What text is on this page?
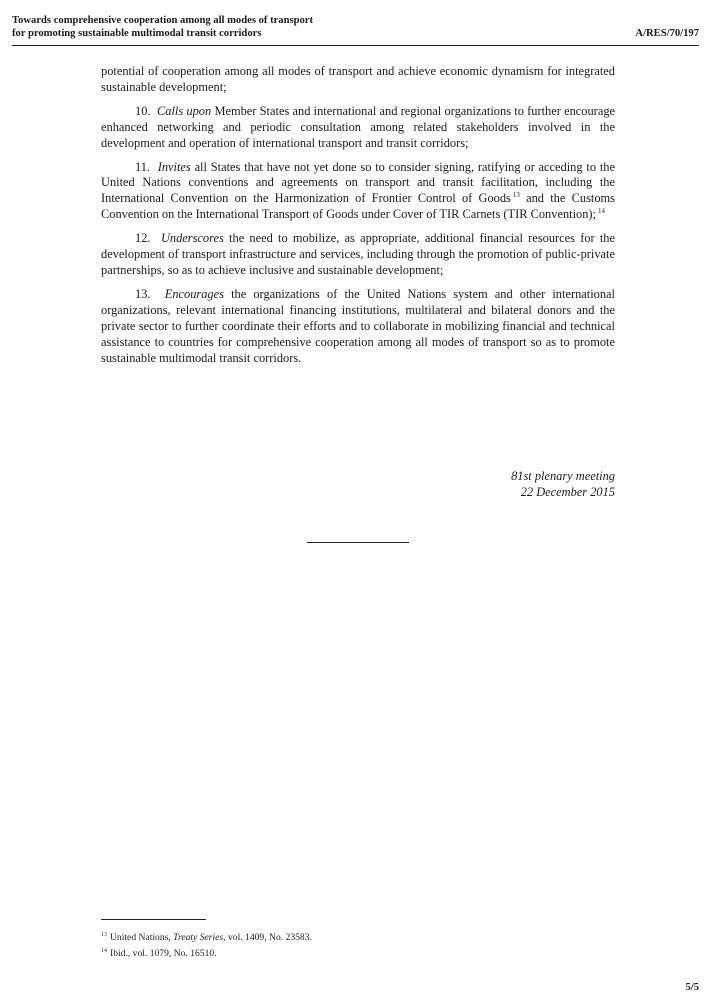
Towards comprehensive cooperation among all modes of transport
for promoting sustainable multimodal transit corridors	A/RES/70/197

potential of cooperation among all modes of transport and achieve economic dynamism for integrated sustainable development;

10. Calls upon Member States and international and regional organizations to further encourage enhanced networking and periodic consultation among related stakeholders involved in the development and operation of international transport and transit corridors;

11. Invites all States that have not yet done so to consider signing, ratifying or acceding to the United Nations conventions and agreements on transport and transit facilitation, including the International Convention on the Harmonization of Frontier Control of Goods $^{13}$ and the Customs Convention on the International Transport of Goods under Cover of TIR Carnets (TIR Convention); $^{14}$

12. Underscores the need to mobilize, as appropriate, additional financial resources for the development of transport infrastructure and services, including through the promotion of public-private partnerships, so as to achieve inclusive and sustainable development;

13. Encourages the organizations of the United Nations system and other international organizations, relevant international financing institutions, multilateral and bilateral donors and the private sector to further coordinate their efforts and to collaborate in mobilizing financial and technical assistance to countries for comprehensive cooperation among all modes of transport so as to promote sustainable multimodal transit corridors.

81st plenary meeting
22 December 2015
$^{13}$ United Nations, Treaty Series, vol. 1409, No. 23583.
$^{14}$ Ibid., vol. 1079, No. 16510.
5/5
